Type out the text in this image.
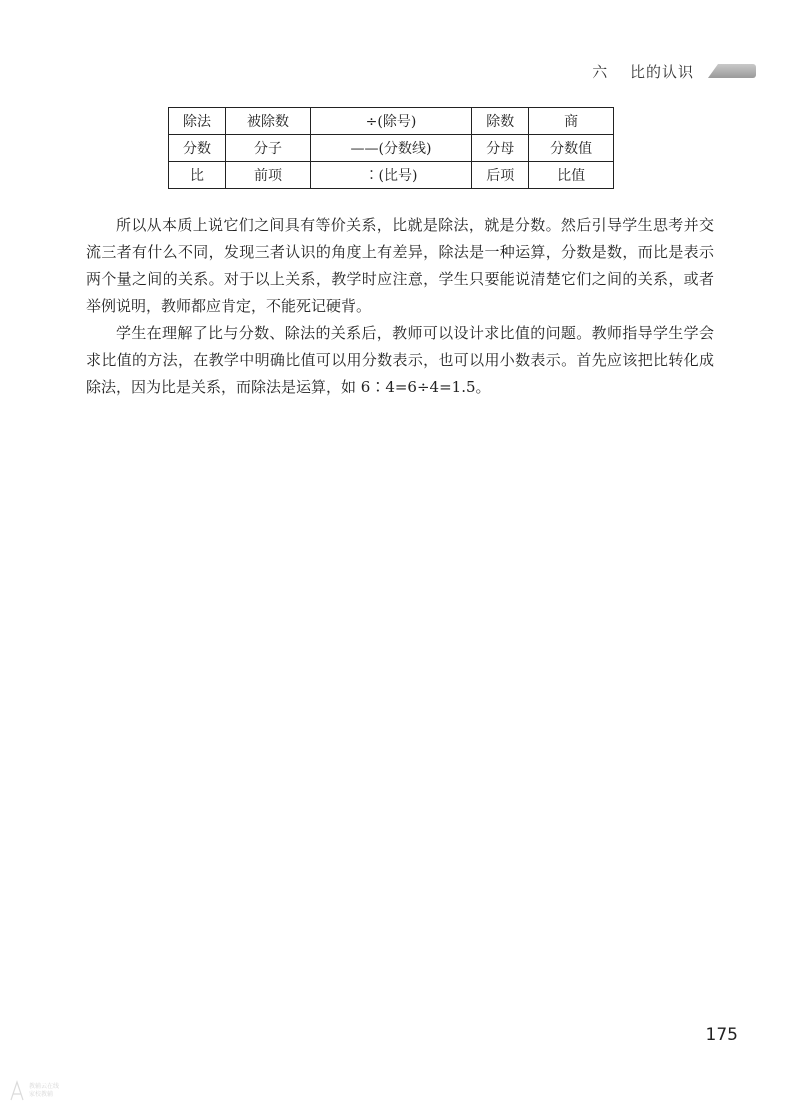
六 比的认识
除法	被除数	÷(除号)	除数	商
分数	分子	——(分数线)	分母	分数值
比	前项	∶(比号)	后项	比值

所以从本质上说它们之间具有等价关系，比就是除法，就是分数。然后引导学生思考并交流三者有什么不同，发现三者认识的角度上有差异，除法是一种运算，分数是数，而比是表示两个量之间的关系。对于以上关系，教学时应注意，学生只要能说清楚它们之间的关系，或者举例说明，教师都应肯定，不能死记硬背。

学生在理解了比与分数、除法的关系后，教师可以设计求比值的问题。教师指导学生学会求比值的方法，在教学中明确比值可以用分数表示，也可以用小数表示。首先应该把比转化成除法，因为比是关系，而除法是运算，如 6∶4=6÷4=1.5。

175
教辅云在线
家校教辅
